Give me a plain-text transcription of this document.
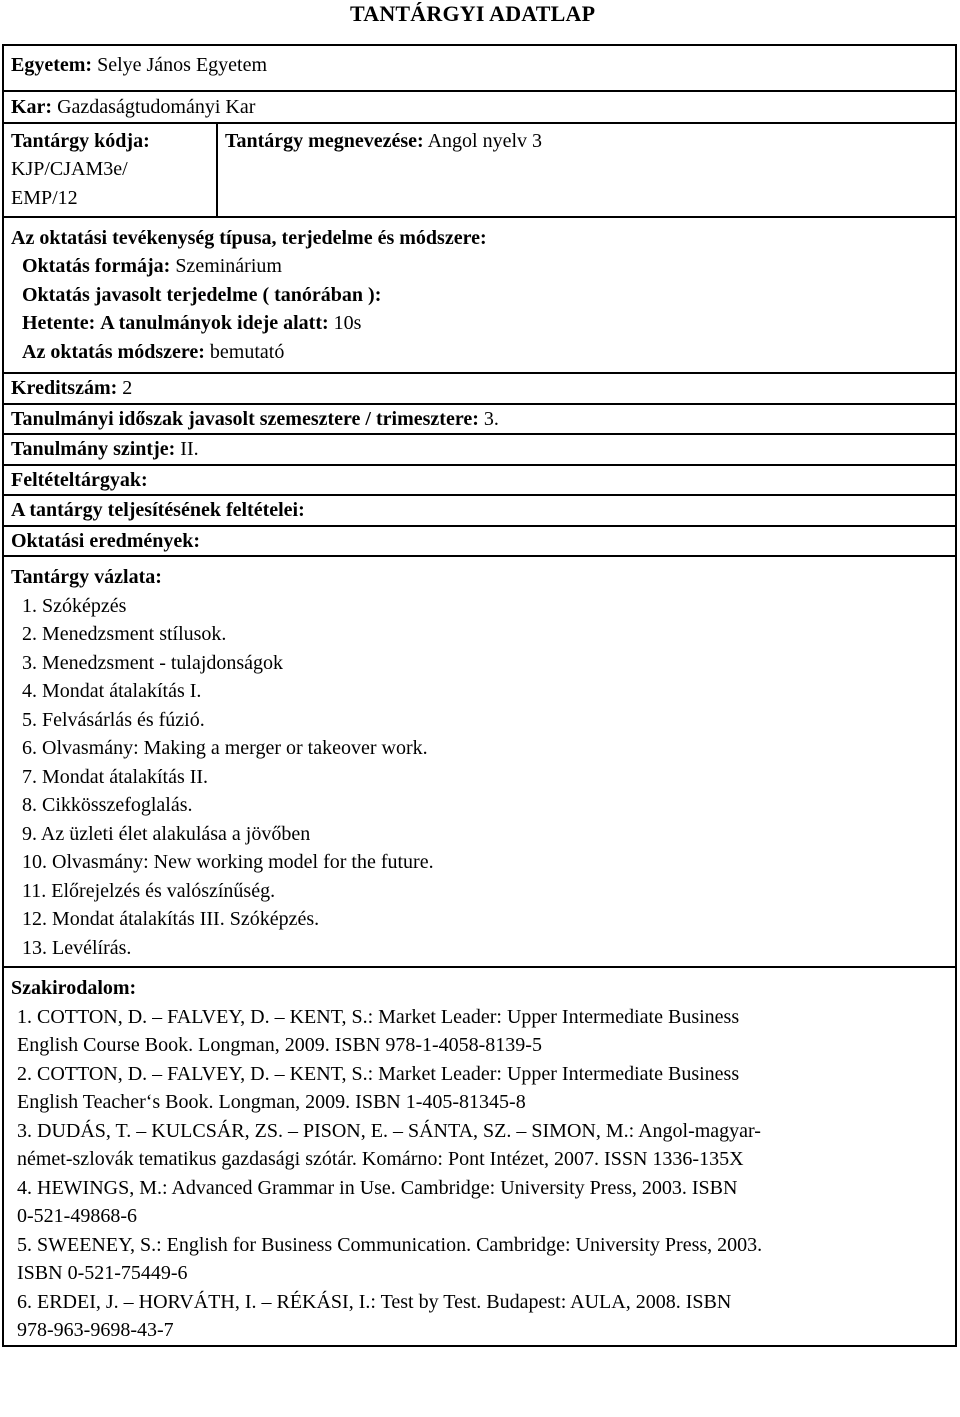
TANTÁRGYI ADATLAP
Egyetem: Selye János Egyetem
Kar: Gazdaságtudományi Kar
Tantárgy kódja:
KJP/CJAM3e/
EMP/12	Tantárgy megnevezése: Angol nyelv 3
Az oktatási tevékenység típusa, terjedelme és módszere:

Oktatás formája: Szeminárium
Oktatás javasolt terjedelme ( tanórában ):
Hetente: A tanulmányok ideje alatt: 10s
Az oktatás módszere: bemutató

Kreditszám: 2
Tanulmányi időszak javasolt szemesztere / trimesztere: 3.
Tanulmány szintje: II.
Feltételtárgyak:
A tantárgy teljesítésének feltételei:
Oktatási eredmények:
Tantárgy vázlata:
1. Szóképzés
2. Menedzsment stílusok.
3. Menedzsment - tulajdonságok
4. Mondat átalakítás I.
5. Felvásárlás és fúzió.
6. Olvasmány: Making a merger or takeover work.
7. Mondat átalakítás II.
8. Cikkösszefoglalás.
9. Az üzleti élet alakulása a jövőben
10. Olvasmány: New working model for the future.
11. Előrejelzés és valószínűség.
12. Mondat átalakítás III. Szóképzés.
13. Levélírás.

Szakirodalom:
1. COTTON, D. – FALVEY, D. – KENT, S.: Market Leader: Upper Intermediate Business
English Course Book. Longman, 2009. ISBN 978-1-4058-8139-5
2. COTTON, D. – FALVEY, D. – KENT, S.: Market Leader: Upper Intermediate Business
English Teacher‘s Book. Longman, 2009. ISBN 1-405-81345-8
3. DUDÁS, T. – KULCSÁR, ZS. – PISON, E. – SÁNTA, SZ. – SIMON, M.: Angol-magyar-
német-szlovák tematikus gazdasági szótár. Komárno: Pont Intézet, 2007. ISSN 1336-135X
4. HEWINGS, M.: Advanced Grammar in Use. Cambridge: University Press, 2003. ISBN
0-521-49868-6
5. SWEENEY, S.: English for Business Communication. Cambridge: University Press, 2003.
ISBN 0-521-75449-6
6. ERDEI, J. – HORVÁTH, I. – RÉKÁSI, I.: Test by Test. Budapest: AULA, 2008. ISBN
978-963-9698-43-7
